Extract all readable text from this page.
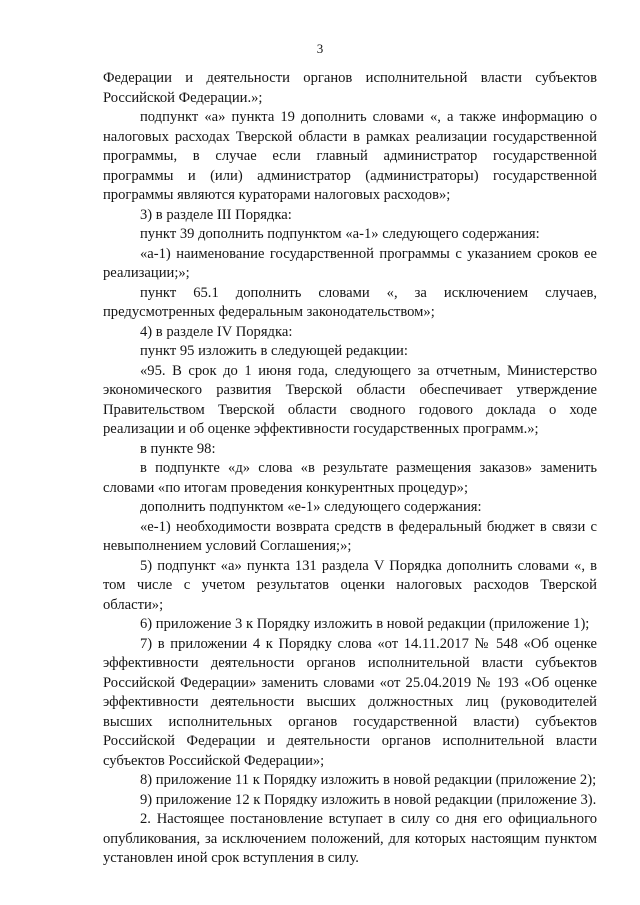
3

Федерации и деятельности органов исполнительной власти субъектов Российской Федерации.»;

подпункт «а» пункта 19 дополнить словами «, а также информацию о налоговых расходах Тверской области в рамках реализации государственной программы, в случае если главный администратор государственной программы и (или) администратор (администраторы) государственной программы являются кураторами налоговых расходов»;

3) в разделе III Порядка:

пункт 39 дополнить подпунктом «а-1» следующего содержания:

«а-1) наименование государственной программы с указанием сроков ее реализации;»;

пункт 65.1 дополнить словами «, за исключением случаев, предусмотренных федеральным законодательством»;

4) в разделе IV Порядка:

пункт 95 изложить в следующей редакции:

«95. В срок до 1 июня года, следующего за отчетным, Министерство экономического развития Тверской области обеспечивает утверждение Правительством Тверской области сводного годового доклада о ходе реализации и об оценке эффективности государственных программ.»;

в пункте 98:

в подпункте «д» слова «в результате размещения заказов» заменить словами «по итогам проведения конкурентных процедур»;

дополнить подпунктом «е-1» следующего содержания:

«е-1) необходимости возврата средств в федеральный бюджет в связи с невыполнением условий Соглашения;»;

5) подпункт «а» пункта 131 раздела V Порядка дополнить словами «, в том числе с учетом результатов оценки налоговых расходов Тверской области»;

6) приложение 3 к Порядку изложить в новой редакции (приложение 1);

7) в приложении 4 к Порядку слова «от 14.11.2017 № 548 «Об оценке эффективности деятельности органов исполнительной власти субъектов Российской Федерации» заменить словами «от 25.04.2019 № 193 «Об оценке эффективности деятельности высших должностных лиц (руководителей высших исполнительных органов государственной власти) субъектов Российской Федерации и деятельности органов исполнительной власти субъектов Российской Федерации»;

8) приложение 11 к Порядку изложить в новой редакции (приложение 2);

9) приложение 12 к Порядку изложить в новой редакции (приложение 3).

2. Настоящее постановление вступает в силу со дня его официального опубликования, за исключением положений, для которых настоящим пунктом установлен иной срок вступления в силу.
